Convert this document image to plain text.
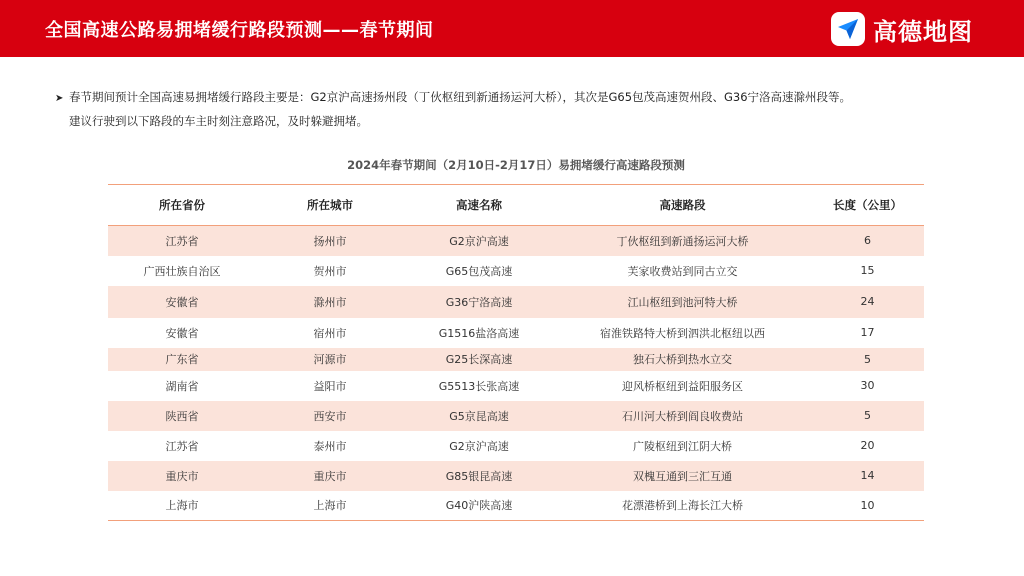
全国高速公路易拥堵缓行路段预测——春节期间	高德地图
➤ 春节期间预计全国高速易拥堵缓行路段主要是：G2京沪高速扬州段（丁伙枢纽到新通扬运河大桥），其次是G65包茂高速贺州段、G36宁洛高速滁州段等。
建议行驶到以下路段的车主时刻注意路况，及时躲避拥堵。
2024年春节期间（2月10日-2月17日）易拥堵缓行高速路段预测
所在省份	所在城市	高速名称	高速路段	长度（公里）
江苏省	扬州市	G2京沪高速	丁伙枢纽到新通扬运河大桥	6
广西壮族自治区	贺州市	G65包茂高速	芙家收费站到同古立交	15
安徽省	滁州市	G36宁洛高速	江山枢纽到池河特大桥	24
安徽省	宿州市	G1516盐洛高速	宿淮铁路特大桥到泗洪北枢纽以西	17
广东省	河源市	G25长深高速	独石大桥到热水立交	5
湖南省	益阳市	G5513长张高速	迎风桥枢纽到益阳服务区	30
陕西省	西安市	G5京昆高速	石川河大桥到阎良收费站	5
江苏省	泰州市	G2京沪高速	广陵枢纽到江阴大桥	20
重庆市	重庆市	G85银昆高速	双槐互通到三汇互通	14
上海市	上海市	G40沪陕高速	花漂港桥到上海长江大桥	10
